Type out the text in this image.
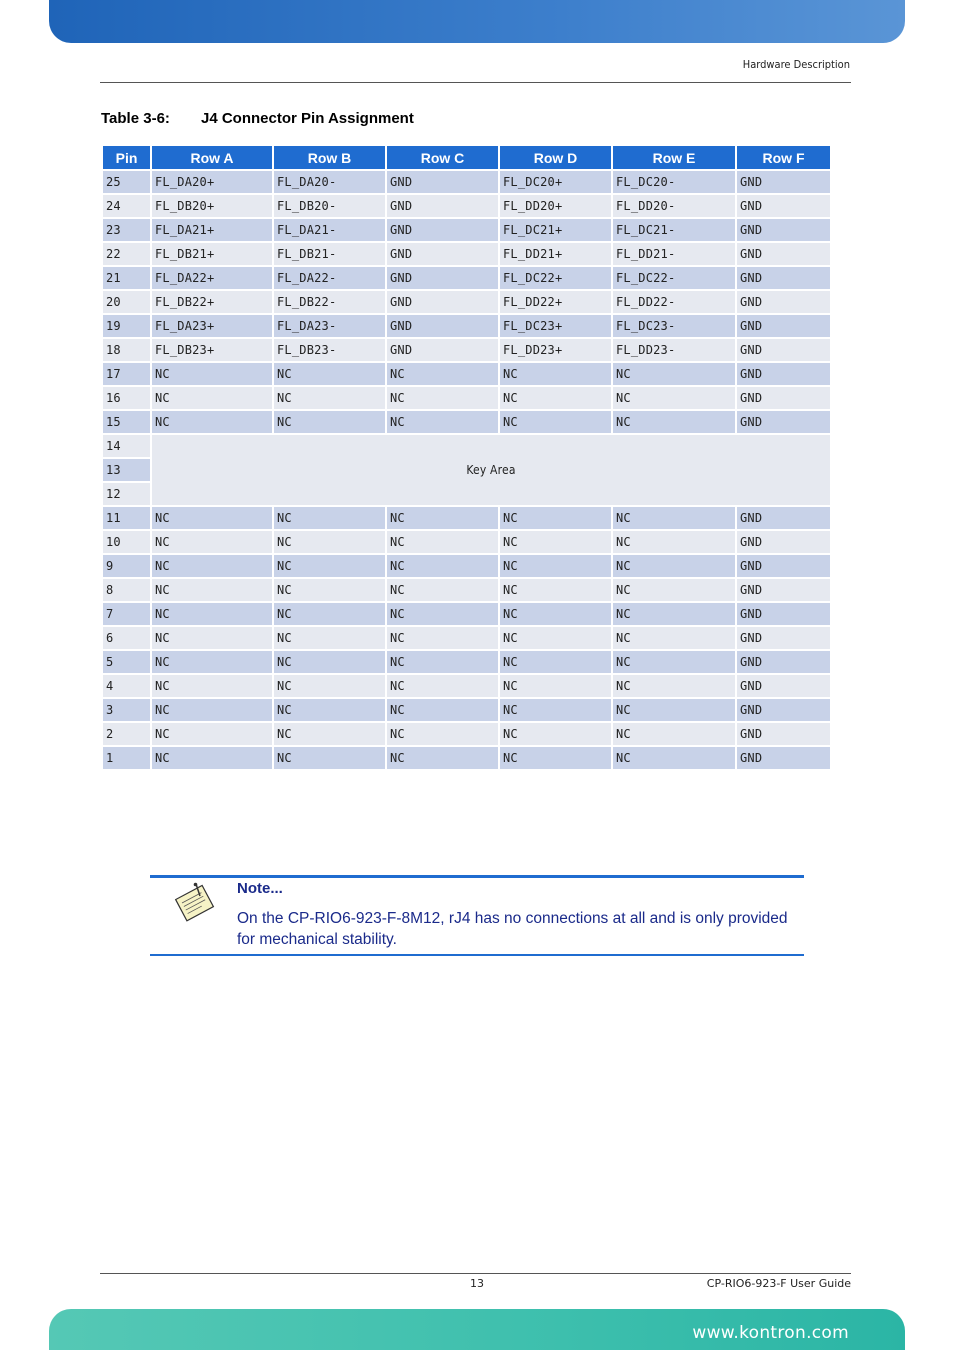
Hardware Description
Table 3-6: J4 Connector Pin Assignment
Pin	Row A	Row B	Row C	Row D	Row E	Row F
25	FL_DA20+	FL_DA20-	GND	FL_DC20+	FL_DC20-	GND
24	FL_DB20+	FL_DB20-	GND	FL_DD20+	FL_DD20-	GND
23	FL_DA21+	FL_DA21-	GND	FL_DC21+	FL_DC21-	GND
22	FL_DB21+	FL_DB21-	GND	FL_DD21+	FL_DD21-	GND
21	FL_DA22+	FL_DA22-	GND	FL_DC22+	FL_DC22-	GND
20	FL_DB22+	FL_DB22-	GND	FL_DD22+	FL_DD22-	GND
19	FL_DA23+	FL_DA23-	GND	FL_DC23+	FL_DC23-	GND
18	FL_DB23+	FL_DB23-	GND	FL_DD23+	FL_DD23-	GND
17	NC	NC	NC	NC	NC	GND
16	NC	NC	NC	NC	NC	GND
15	NC	NC	NC	NC	NC	GND
14	Key Area					
13						
12						
11	NC	NC	NC	NC	NC	GND
10	NC	NC	NC	NC	NC	GND
9	NC	NC	NC	NC	NC	GND
8	NC	NC	NC	NC	NC	GND
7	NC	NC	NC	NC	NC	GND
6	NC	NC	NC	NC	NC	GND
5	NC	NC	NC	NC	NC	GND
4	NC	NC	NC	NC	NC	GND
3	NC	NC	NC	NC	NC	GND
2	NC	NC	NC	NC	NC	GND
1	NC	NC	NC	NC	NC	GND
Note...
On the CP-RIO6-923-F-8M12, rJ4 has no connections at all and is only provided for mechanical stability.
13	CP-RIO6-923-F User Guide
www.kontron.com
